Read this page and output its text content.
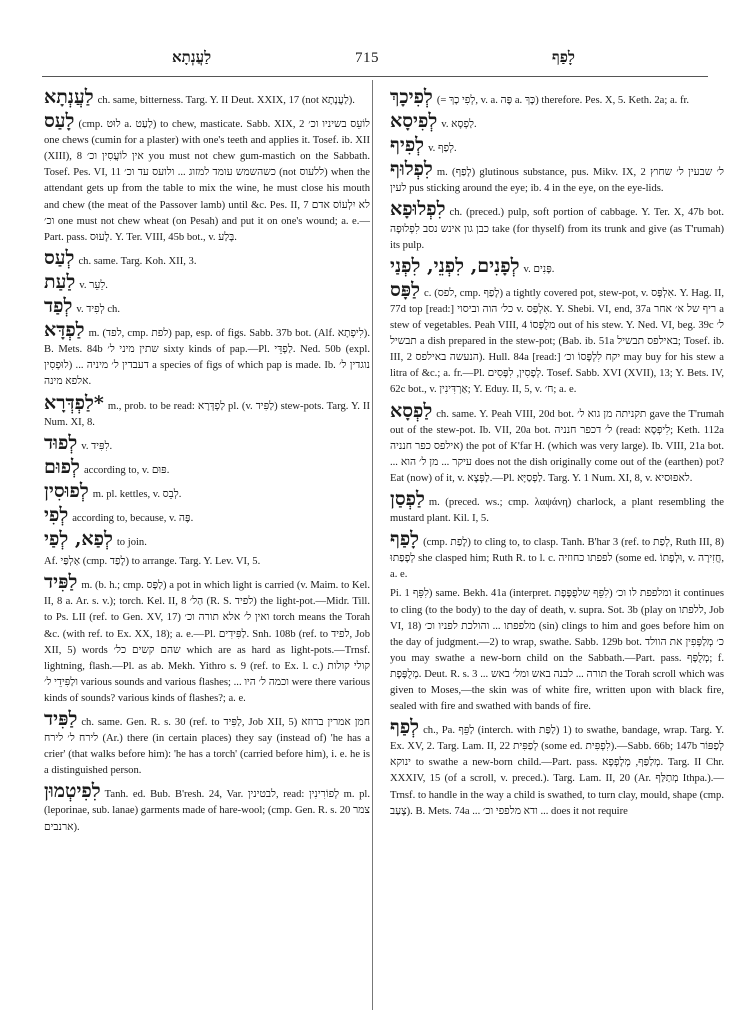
לַעֲנְתָא	715	לָפַף
לַעֲנְתָא ch. same, bitterness. Targ. Y. II Deut. XXIX, 17 (not לַעֲנָתָא).
לָעַס (cmp. לוּט a. לַעַט) to chew, masticate. Sabb. XIX, 2 לוֹעֵס בשיניו וכ׳ one chews (cumin for a plaster) with one's teeth and applies it. Tosef. ib. XII (XIII), 8 אין לוֹעֲסִין וכ׳ you must not chew gum-mastich on the Sabbath. Tosef. Pes. VI, 11 כשהשמש עומד למזוג ... ולועס עד וכ׳ (not ללעוס) when the attendant gets up from the table to mix the wine, he must close his mouth and chew (the meat of the Passover lamb) until &c. Pes. II, 7 לא יִלְעוֹס אדם וכ׳ one must not chew wheat (on Pesah) and put it on one's wound; a. e.— Part. pass. לָעוּס. Y. Ter. VIII, 45b bot., v. בָּלַע.
לְעַס ch. same. Targ. Koh. XII, 3.
לַעַת v. לֵעֵר.
לְפַד v. לְפִיד ch.
לַפְדָּא m. (לפד, cmp. לפת) pap, esp. of figs. Sabb. 37b bot. (Alf. לִיפְתָא). B. Mets. 84b שתין מיני ל׳ sixty kinds of pap.—Pl. לַפְדֵּי. Ned. 50b (expl. לוּפְסִין) ... דעבדין ל׳ מיניה a species of figs of which pap is made. Ib. נוגדין ל׳ אלפא מינה.
*לַפְדְּרָא m., prob. to be read: לַפְדְּרָא pl. (v. לַפִּיד) stew-pots. Targ. Y. II Num. XI, 8.
לְפוּד v. לִפִּיד.
לְפוּם according to, v. פּוּם.
לְפוּסִין m. pl. kettles, v. לְבֵס.
לְפִי according to, because, v. פֶּה.
לְפַא, לְפַי to join.
Af. אַלְפַּי (cmp. לָפַד) to arrange. Targ. Y. Lev. VI, 5.
לַפִּיד m. (b. h.; cmp. לַפָּס) a pot in which light is carried (v. Maim. to Kel. II, 8 a. Ar. s. v.); torch. Kel. II, 8 הַל׳ (R. S. לפיד) the light-pot.—Midr. Till. to Ps. LII (ref. to Gen. XV, 17) ואין ל׳ אלא תורה וכ׳ torch means the Torah &c. (with ref. to Ex. XX, 18); a. e.—Pl. לַפִּידִים. Snh. 108b (ref. to לפיד, Job XII, 5) words שהם קשים כל׳ which are as hard as light-pots.—Trnsf. lightning, flash.—Pl. as ab. Mekh. Yithro s. 9 (ref. to Ex. l. c.) קולי קולות ולַפִּידֵי ל׳ various sounds and various flashes; ... וכמה ל׳ היו were there various kinds of sounds? various kinds of flashes?; a. e.
לַפִּיד ch. same. Gen. R. s. 30 (ref. to לַפִּיד, Job XII, 5) חמן אמרין ברוזא לירח ל׳ לירח (Ar.) there (in certain places) they say (instead of) 'he has a crier' (that walks before him): 'he has a torch' (carried before him), i. e. he is a distinguished person.
לִפִיטְמוּן Tanh. ed. Bub. B'resh. 24, Var. לבטינין, read: לְפוֹרִינִין m. pl. (leporinae, sub. lanae) garments made of hare-wool; (cmp. Gen. R. s. 20 צמר ארנבים).
לְפִיכָךְ (= לְפִי כָךְ, v. a. פֶּה a. כָּךְ) therefore. Pes. X, 5. Keth. 2a; a. fr.
לְפִיסָא v. לַפְסָא.
לְפִיף v. לְפַף.
לִפְלוּף m. (לָפַף) glutinous substance, pus. Mikv. IX, 2 ל׳ שבעין ל׳ שחוץ לעין pus sticking around the eye; ib. 4 in the eye, on the eye-lids.
לִפְלוּפָא ch. (preced.) pulp, soft portion of cabbage. Y. Ter. X, 47b bot. כבן גון אינש נסב לִפְלוּפָה take (for thyself) from its trunk and give (as T'rumah) its pulp.
לְפָנִים, לִפְנֵי, לִפְנַי v. פָּנִים.
לַפָּס c. (לפס, cmp. לָפַף) a tightly covered pot, stew-pot, v. אִלְפָּס. Y. Hag. II, 77d top [read:] כל׳ הוה וביסוי v. אִלְפַּס. Y. Shebi. VI, end, 37a ריף של א׳ אחר a stew of vegetables. Peah VIII, 4 מלֻפָּסוֹ out of his stew. Y. Ned. VI, beg. 39c ל׳ תבשיל a dish prepared in the stew-pot; (Bab. ib. 51a באילפס תבשיל; Tosef. ib. III, 2 הנעשה באילפס). Hull. 84a [read:] יקח לִלְפָּסוֹ וכ׳ may buy for his stew a litra of &c.; a. fr.—Pl. לְפָסִין, לִפָּסִים. Tosef. Sabb. XVI (XVII), 13; Y. Bets. IV, 62c bot., v. אַרְדִּינִין; Y. Eduy. II, 5, v. ח׳; a. e.
לַפְסָא ch. same. Y. Peah VIII, 20d bot. תקניתה מן גוא ל׳ gave the T'rumah out of the stew-pot. Ib. VII, 20a bot. ל׳ דכפר חנניה (read: לִיפְסָא; Keth. 112a אילפס כפר חנניה) the pot of K'far H. (which was very large). Ib. VIII, 21a bot. ... עיקר ... מן ל׳ הוא does not the dish originally come out of the (earthen) pot? Eat (now) of it, v. לַפְּצָא.—Pl. לַפְסַיָּא. Targ. Y. 1 Num. XI, 8, v. לאפוּסיא.
לַפְסַן m. (preced. ws.; cmp. λαψάνη) charlock, a plant resembling the mustard plant. Kil. I, 5.
לָפַף (cmp. לָפַת) to cling to, to clasp. Tanh. B'har 3 (ref. to לְפַת, Ruth III, 8) לְפָפַתוּ she clasped him; Ruth R. to l. c. לפפתו כחוזיה (some ed. וּלְפָתוֹ, v. חֲזִירָה, a. e.
Pi. לִפֵּף 1) same. Bekh. 41a (interpret. לִפֵּף שלפֻפֶּפֶת) ומלפפת לו וכ׳ it continues to cling (to the body) to the day of death, v. supra. Sot. 3b (play on ללפתו, Job VI, 18) מלפפתו ... והולכת לפניו וכ׳ (sin) clings to him and goes before him on the day of judgment.—2) to wrap, swathe. Sabb. 129b bot. כ׳ מְלַפְּפִין את הוולד you may swathe a new-born child on the Sabbath.—Part. pass. מְלֻפָּף; f. מְלֻפֶּפֶת. Deut. R. s. 3 ... תורה ... לבנה באש ומל׳ באש the Torah scroll which was given to Moses,—the skin was of white fire, written upon with black fire, sealed with fire and swathed with bands of fire.
לְפַף ch., Pa. לַפֵּף (interch. with לַפַּת) 1) to swathe, bandage, wrap. Targ. Y. Ex. XV, 2. Targ. Lam. II, 22 לְפַפִּית (some ed. לִפְפִּית).—Sabb. 66b; 147b לְפַפּוֹר ינוקא to swathe a new-born child.—Part. pass. מְלַפַּף, מְלָפְפָא. Targ. II Chr. XXXIV, 15 (of a scroll, v. preced.). Targ. Lam. II, 20 (Ar. מְתַלַּף Ithpa.).—Trnsf. to handle in the way a child is swathed, to turn clay, mould, shape (cmp. צָעַב). B. Mets. 74a ... ודא מלפפי וכ׳ ... does it not require
